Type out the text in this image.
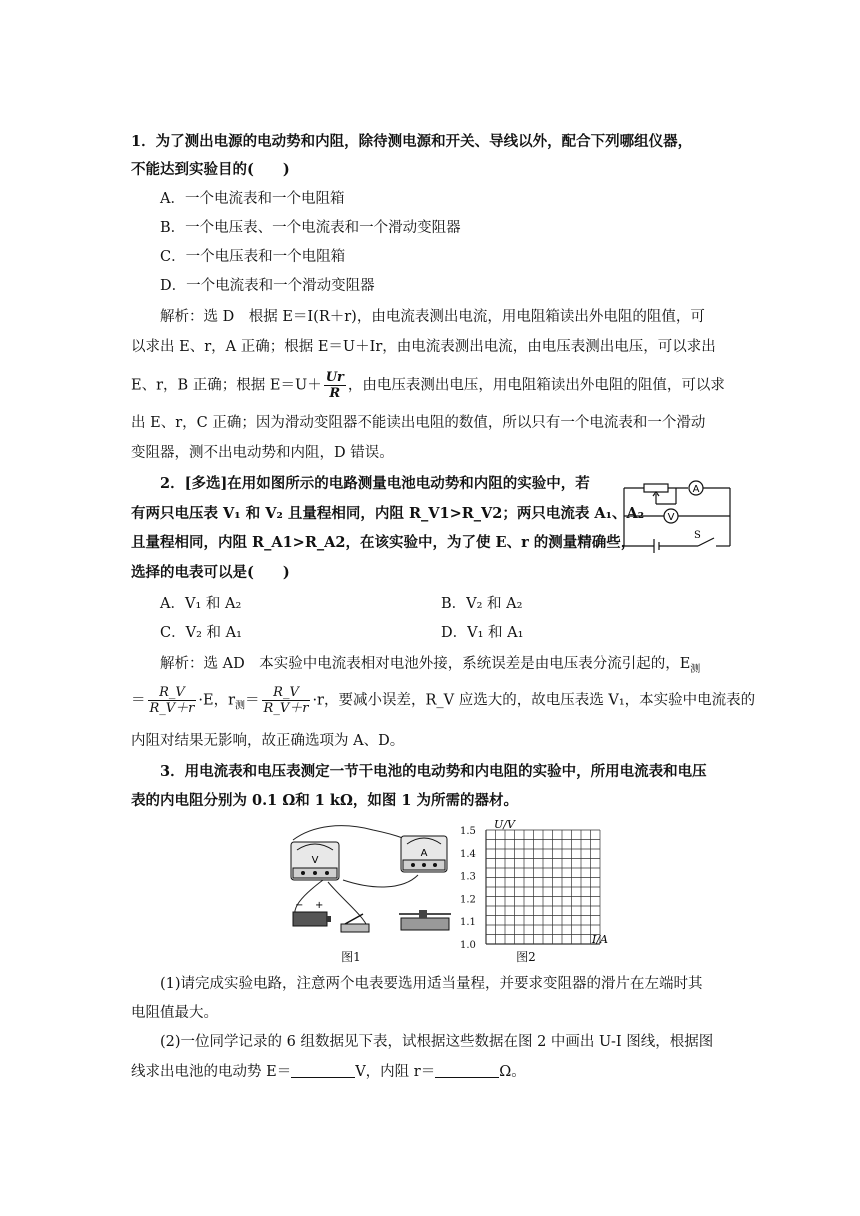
1．为了测出电源的电动势和内阻，除待测电源和开关、导线以外，配合下列哪组仪器，
不能达到实验目的(　　)
A．一个电流表和一个电阻箱
B．一个电压表、一个电流表和一个滑动变阻器
C．一个电压表和一个电阻箱
D．一个电流表和一个滑动变阻器
解析：选 D　根据 E＝I(R＋r)，由电流表测出电流，用电阻箱读出外电阻的阻值，可
以求出 E、r，A 正确；根据 E＝U＋Ir，由电流表测出电流，由电压表测出电压，可以求出
E、r，B 正确；根据 $E=U+ \frac{Ur}{R}$ ，由电压表测出电压，用电阻箱读出外电阻的阻值，可以求
出 E、r，C 正确；因为滑动变阻器不能读出电阻的数值，所以只有一个电流表和一个滑动
变阻器，测不出电动势和内阻，D 错误。
2．[多选]在用如图所示的电路测量电池电动势和内阻的实验中，若
有两只电压表 V₁ 和 V₂ 且量程相同，内阻 R_V1>R_V2；两只电流表 A₁、A₂
且量程相同，内阻 R_A1>R_A2，在该实验中，为了使 E、r 的测量精确些，
选择的电表可以是(　　)
A
V
S
A．V₁ 和 A₂	B．V₂ 和 A₂
C．V₂ 和 A₁	D．V₁ 和 A₁
解析：选 AD　本实验中电流表相对电池外接，系统误差是由电压表分流引起的，$E_测$
＝ $\frac{R\_V}{R\_V+r} \cdot E$，$r_测= \frac{R\_V}{R\_V+r} \cdot r$，要减小误差，R_V 应选大的，故电压表选 V₁，本实验中电流表的
内阻对结果无影响，故正确选项为 A、D。
3．用电流表和电压表测定一节干电池的电动势和内电阻的实验中，所用电流表和电压
表的内电阻分别为 0.1 Ω和 1 kΩ，如图 1 为所需的器材。
V
A
− +
图1
1.5
1.4
1.3
1.2
1.1
1.0
U/V
I/A
图2
(1)请完成实验电路，注意两个电表要选用适当量程，并要求变阻器的滑片在左端时其
电阻值最大。
(2)一位同学记录的 6 组数据见下表，试根据这些数据在图 2 中画出 U-I 图线，根据图
线求出电池的电动势 E＝	V，内阻 r＝	Ω。
